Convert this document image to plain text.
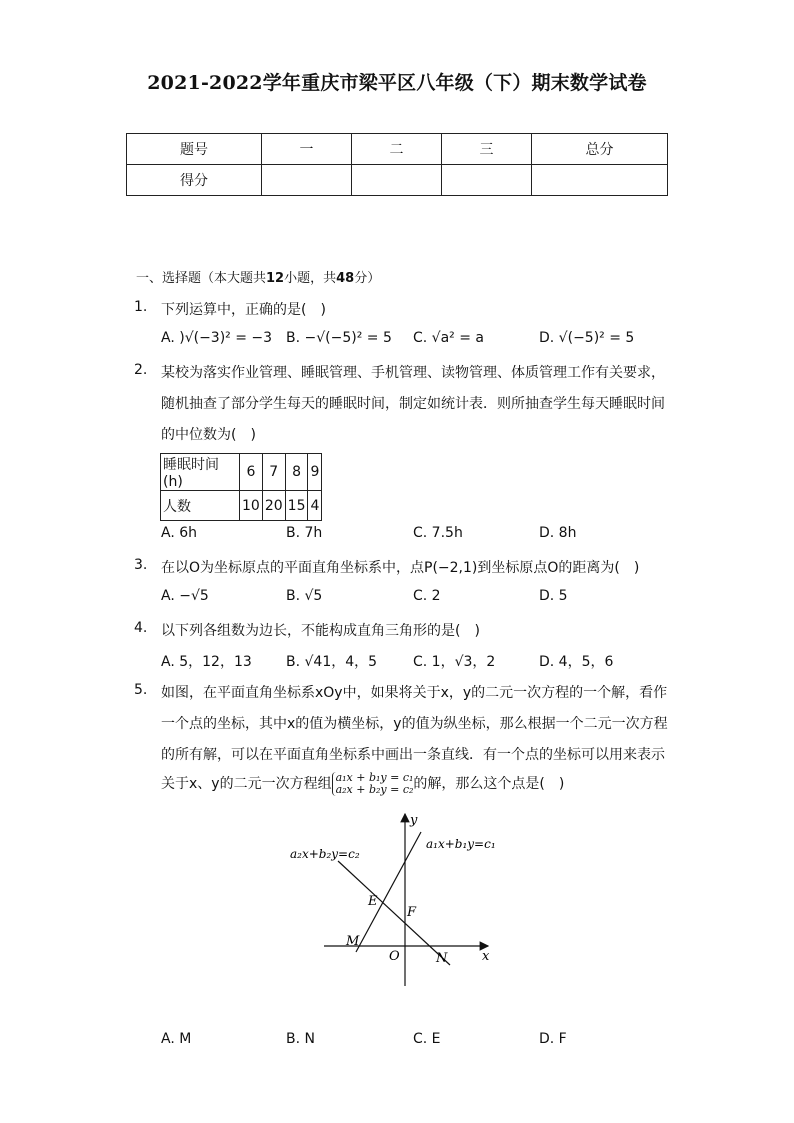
2021-2022学年重庆市梁平区八年级（下）期末数学试卷
题号	一	二	三	总分
得分				
一、选择题（本大题共12小题，共48分）
1. 下列运算中，正确的是(　)
A. )√(−3)² = −3 B. −√(−5)² = 5 C. √a² = a	D. √(−5)² = 5
2. 某校为落实作业管理、睡眠管理、手机管理、读物管理、体质管理工作有关要求，
随机抽查了部分学生每天的睡眠时间，制定如统计表．则所抽查学生每天睡眠时间
的中位数为(　)
睡眠时间(h)	6	7	8	9
人数	10	20	15	4
A. 6h	B. 7h	C. 7.5h	D. 8h
3. 在以O为坐标原点的平面直角坐标系中，点P(−2,1)到坐标原点O的距离为(　)
A. −√5	B. √5	C. 2	D. 5
4. 以下列各组数为边长，不能构成直角三角形的是(　)
A. 5，12，13 B. √41，4，5	C. 1，√3，2	D. 4，5，6
5. 如图，在平面直角坐标系xOy中，如果将关于x，y的二元一次方程的一个解，看作
一个点的坐标，其中x的值为横坐标，y的值为纵坐标，那么根据一个二元一次方程
的所有解，可以在平面直角坐标系中画出一条直线．有一个点的坐标可以用来表示
关于x、y的二元一次方程组 a₁x + b₁y = c₁
a₂x + b₂y = c₂的解，那么这个点是(　)
a₁x+b₁y=c₁
a₂x+b₂y=c₂
E
F
M
O	N	x
y
A. M	B. N	C. E	D. F
